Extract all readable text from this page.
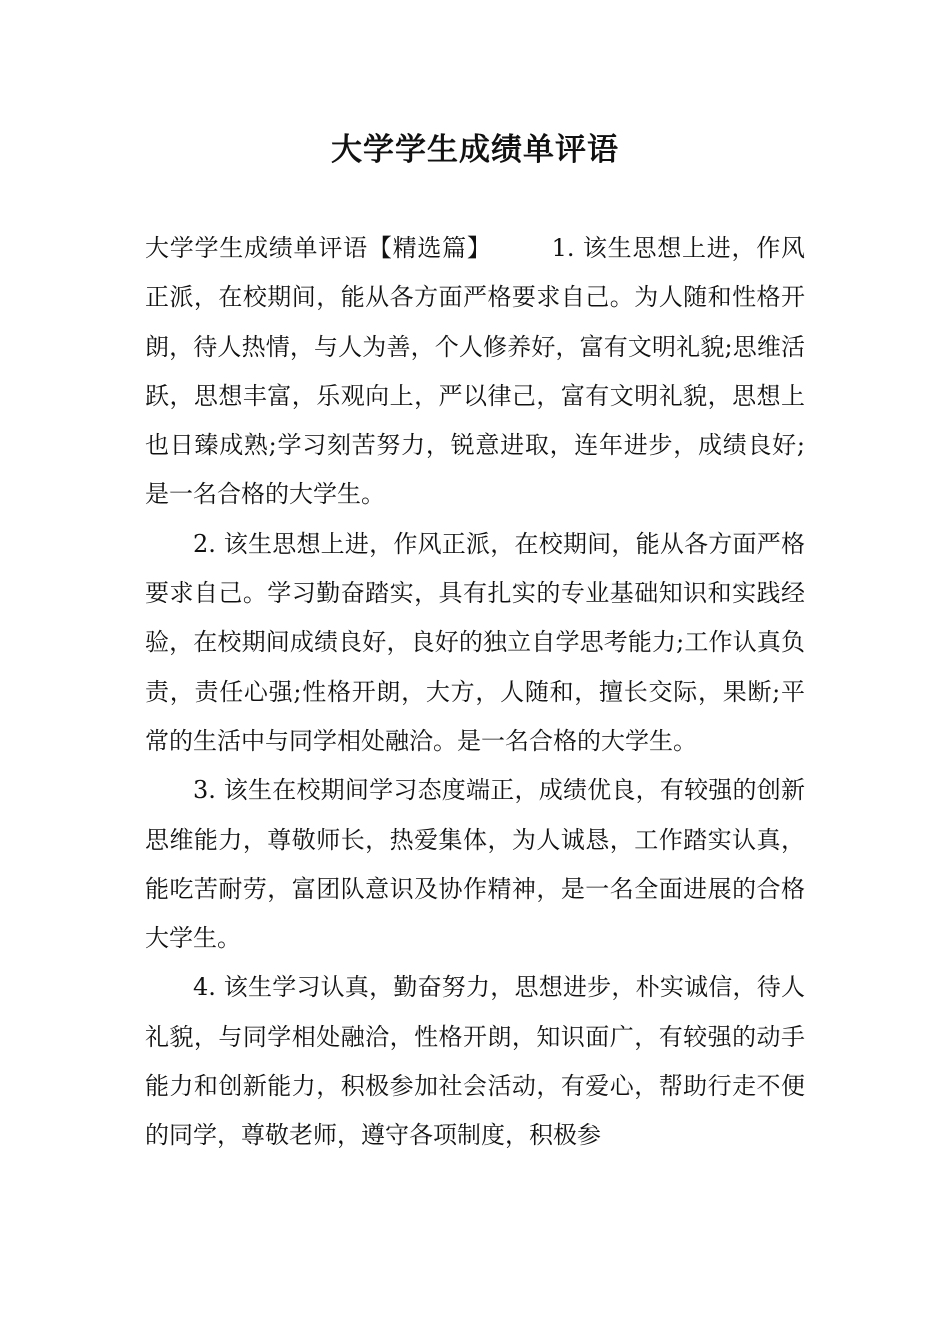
大学学生成绩单评语

大学学生成绩单评语【精选篇】	1. 该生思想上进，作风正派，在校期间，能从各方面严格要求自己。为人随和性格开朗，待人热情，与人为善，个人修养好，富有文明礼貌;思维活跃，思想丰富，乐观向上，严以律己，富有文明礼貌，思想上也日臻成熟;学习刻苦努力，锐意进取，连年进步，成绩良好;是一名合格的大学生。

2. 该生思想上进，作风正派，在校期间，能从各方面严格要求自己。学习勤奋踏实，具有扎实的专业基础知识和实践经验，在校期间成绩良好，良好的独立自学思考能力;工作认真负责，责任心强;性格开朗，大方，人随和，擅长交际，果断;平常的生活中与同学相处融洽。是一名合格的大学生。

3. 该生在校期间学习态度端正，成绩优良，有较强的创新思维能力，尊敬师长，热爱集体，为人诚恳，工作踏实认真，能吃苦耐劳，富团队意识及协作精神，是一名全面进展的合格大学生。

4. 该生学习认真，勤奋努力，思想进步，朴实诚信，待人礼貌，与同学相处融洽，性格开朗，知识面广，有较强的动手能力和创新能力，积极参加社会活动，有爱心，帮助行走不便的同学，尊敬老师，遵守各项制度，积极参
